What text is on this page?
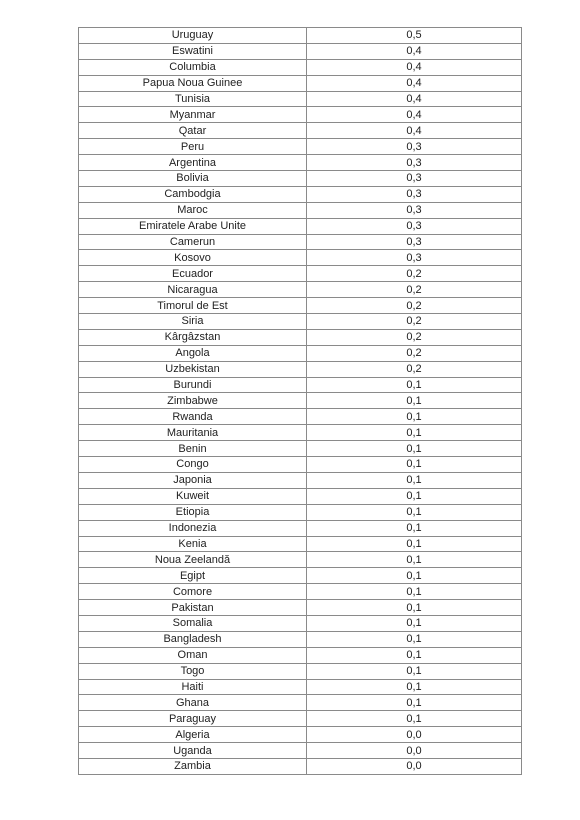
Uruguay	0,5
Eswatini	0,4
Columbia	0,4
Papua Noua Guinee	0,4
Tunisia	0,4
Myanmar	0,4
Qatar	0,4
Peru	0,3
Argentina	0,3
Bolivia	0,3
Cambodgia	0,3
Maroc	0,3
Emiratele Arabe Unite	0,3
Camerun	0,3
Kosovo	0,3
Ecuador	0,2
Nicaragua	0,2
Timorul de Est	0,2
Siria	0,2
Kârgâzstan	0,2
Angola	0,2
Uzbekistan	0,2
Burundi	0,1
Zimbabwe	0,1
Rwanda	0,1
Mauritania	0,1
Benin	0,1
Congo	0,1
Japonia	0,1
Kuweit	0,1
Etiopia	0,1
Indonezia	0,1
Kenia	0,1
Noua Zeelandă	0,1
Egipt	0,1
Comore	0,1
Pakistan	0,1
Somalia	0,1
Bangladesh	0,1
Oman	0,1
Togo	0,1
Haiti	0,1
Ghana	0,1
Paraguay	0,1
Algeria	0,0
Uganda	0,0
Zambia	0,0
